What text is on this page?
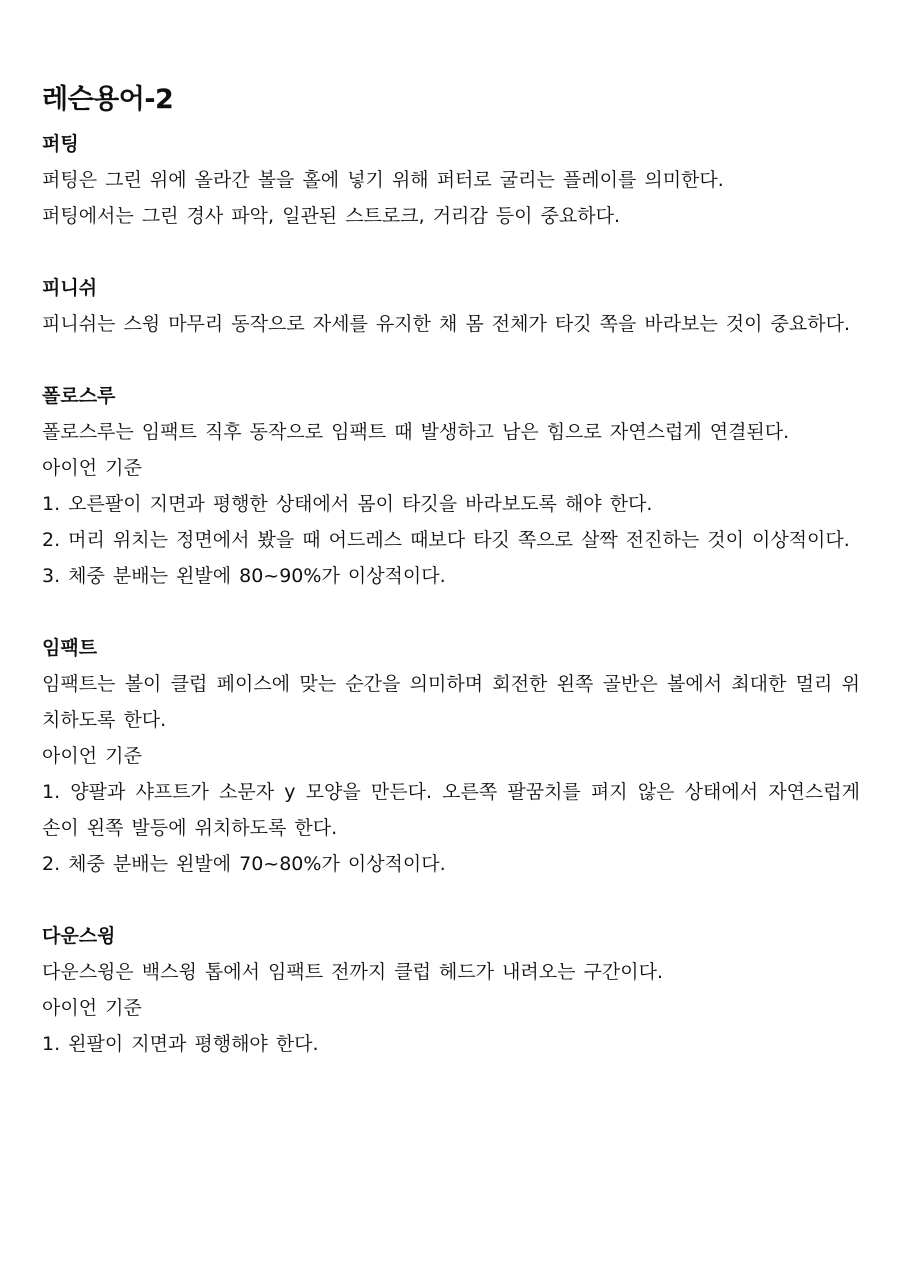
레슨용어-2
퍼팅

퍼팅은 그린 위에 올라간 볼을 홀에 넣기 위해 퍼터로 굴리는 플레이를 의미한다.

퍼팅에서는 그린 경사 파악, 일관된 스트로크, 거리감 등이 중요하다.

피니쉬

피니쉬는 스윙 마무리 동작으로 자세를 유지한 채 몸 전체가 타깃 쪽을 바라보는 것이 중요하다.

폴로스루

폴로스루는 임팩트 직후 동작으로 임팩트 때 발생하고 남은 힘으로 자연스럽게 연결된다.

아이언 기준

1. 오른팔이 지면과 평행한 상태에서 몸이 타깃을 바라보도록 해야 한다.

2. 머리 위치는 정면에서 봤을 때 어드레스 때보다 타깃 쪽으로 살짝 전진하는 것이 이상적이다.

3. 체중 분배는 왼발에 80~90%가 이상적이다.

임팩트

임팩트는 볼이 클럽 페이스에 맞는 순간을 의미하며 회전한 왼쪽 골반은 볼에서 최대한 멀리 위치하도록 한다.

아이언 기준

1. 양팔과 샤프트가 소문자 y 모양을 만든다. 오른쪽 팔꿈치를 펴지 않은 상태에서 자연스럽게 손이 왼쪽 발등에 위치하도록 한다.

2. 체중 분배는 왼발에 70~80%가 이상적이다.

다운스윙

다운스윙은 백스윙 톱에서 임팩트 전까지 클럽 헤드가 내려오는 구간이다.

아이언 기준

1. 왼팔이 지면과 평행해야 한다.
